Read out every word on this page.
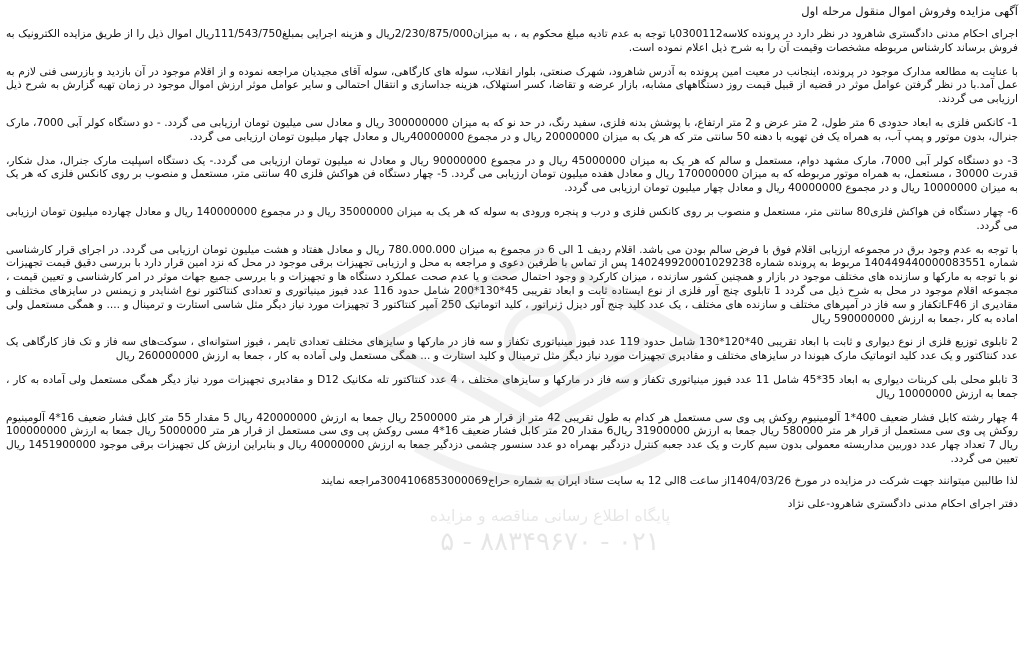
آگهی مزایده وفروش اموال منقول مرحله اول

اجرای احکام مدنی دادگستری شاهرود در نظر دارد در پرونده کلاسه0300112با توجه به عدم تادیه مبلغ محکوم به ، به میزان2/230/875/000ریال و هزینه اجرایی بمبلغ111/543/750ریال اموال ذیل را از طریق مزایده الکترونیک به فروش برساند کارشناس مربوطه مشخصات وقیمت آن را به شرح ذیل اعلام نموده است.

با عنایت به مطالعه مدارک موجود در پرونده، اینجانب در معیت امین پرونده به آدرس شاهرود، شهرک صنعتی، بلوار انقلاب، سوله های کارگاهی، سوله آقای مجیدیان مراجعه نموده و از اقلام موجود در آن بازدید و بازرسی فنی لازم به عمل آمد.با در نظر گرفتن عوامل موثر در قضیه از قبیل قیمت روز دستگاههای مشابه، بازار عرضه و تقاضا، کسر استهلاک، هزینه جداسازی و انتقال احتمالی و سایر عوامل موثر ارزش اموال موجود در زمان تهیه گزارش به شرح ذیل ارزیابی می گردند.

1- کانکس فلزی به ابعاد حدودی 6 متر طول، 2 متر عرض و 2 متر ارتفاع، با پوشش بدنه فلزی، سفید رنگ، در حد نو که به میزان 300000000 ریال و معادل سی میلیون تومان ارزیابی می گردد. - دو دستگاه کولر آبی 7000، مارک جنرال، بدون موتور و پمپ آب، به همراه یک فن تهویه با دهنه 50 سانتی متر که هر یک به میزان 20000000 ریال و در مجموع 40000000ریال و معادل چهار میلیون تومان ارزیابی می گردد.

3- دو دستگاه کولر آبی 7000، مارک مشهد دوام، مستعمل و سالم که هر یک به میزان 45000000 ریال و در مجموع 90000000 ریال و معادل نه میلیون تومان ارزیابی می گردد.- یک دستگاه اسپلیت مارک جنرال، مدل شکار، قدرت 30000 ، مستعمل، به همراه موتور مربوطه که به میزان 170000000 ریال و معادل هفده میلیون تومان ارزیابی می گردد. 5- چهار دستگاه فن هواکش فلزی 40 سانتی متر، مستعمل و منصوب بر روی کانکس فلزی که هر یک به میزان 10000000 ریال و در مجموع 40000000 ریال و معادل چهار میلیون تومان ارزیابی می گردد.

6- چهار دستگاه فن هواکش فلزی80 سانتی متر، مستعمل و منصوب بر روی کانکس فلزی و درب و پنجره ورودی به سوله که هر یک به میزان 35000000 ریال و در مجموع 140000000 ریال و معادل چهارده میلیون تومان ارزیابی می گردد.

با توجه به عدم وجود برق در مجموعه ارزیابی اقلام فوق با فرض سالم بودن می باشد. اقلام ردیف 1 الی 6 در مجموع به میزان 780.000.000 ریال و معادل هفتاد و هشت میلیون تومان ارزیابی می گردد. در اجرای قرار کارشناسی شماره 140449440000083551 مربوط به پرونده شماره 140249920001029238 پس از تماس با طرفین دعوی و مراجعه به محل و ارزیابی تجهیزات برقی موجود در محل که نزد امین قرار دارد با بررسی دقیق قیمت تجهیزات نو با توجه به مارکها و سازنده های مختلف موجود در بازار و همچنین کشور سازنده ، میزان کارکرد و وجود احتمال صحت و یا عدم صحت عملکرد دستگاه ها و تجهیزات و با بررسی جمیع جهات موثر در امر کارشناسی و تعیین قیمت ، مجموعه اقلام موجود در محل به شرح ذیل می گردد 1 تابلوی چنج آور فلزی از نوع ایستاده ثابت و ابعاد تقریبی 45*130*200 شامل حدود 116 عدد فیوز مینیاتوری و تعدادی کنتاکتور نوع اشنایدر و زیمنس در سایزهای مختلف و مقادیری از LF46تکفاز و سه فاز در آمپرهای مختلف و سازنده های مختلف ، یک عدد کلید چنج آور دیزل ژنراتور ، کلید اتوماتیک 250 آمپر کنتاکتور 3 تجهیزات مورد نیاز دیگر مثل شاسی استارت و ترمینال و .... و همگی مستعمل ولی اماده به کار ،جمعا به ارزش 590000000 ریال

2 تابلوی توزیع فلزی از نوع دیواری و ثابت با ابعاد تقریبی 40*120*130 شامل حدود 119 عدد فیوز مینیاتوری تکفاز و سه فاز در مارکها و سایزهای مختلف تعدادی تایمر ، فیوز استوانه‌ای ، سوکت‌های سه فاز و تک فاز کارگاهی یک عدد کنتاکتور و یک عدد کلید اتوماتیک مارک هیوندا در سایزهای مختلف و مقادیری تجهیزات مورد نیاز دیگر مثل ترمینال و کلید استارت و ... همگی مستعمل ولی آماده به کار ، جمعا به ارزش 260000000 ریال

3 تابلو محلی بلی کربنات دیواری به ابعاد 35*45 شامل 11 عدد فیوز مینیاتوری تکفاز و سه فاز در مارکها و سایزهای مختلف ، 4 عدد کنتاکتور تله مکانیک D12 و مقادیری تجهیزات مورد نیاز دیگر همگی مستعمل ولی آماده به کار ، جمعا به ارزش 10000000 ریال

4 چهار رشته کابل فشار ضعیف 400*1 آلومینیوم روکش پی وی سی مستعمل هر کدام به طول تقریبی 42 متر از قرار هر متر 2500000 ریال جمعا به ارزش 420000000 ریال 5 مقدار 55 متر کابل فشار ضعیف 16*4 آلومینیوم روکش پی وی سی مستعمل از قرار هر متر 580000 ریال جمعا به ارزش 31900000 ریال6 مقدار 20 متر کابل فشار ضعیف 16*4 مسی روکش پی وی سی مستعمل از قرار هر متر 5000000 ریال جمعا به ارزش 100000000 ریال 7 تعداد چهار عدد دوربین مداربسته معمولی بدون سیم کارت و یک عدد جعبه کنترل دزدگیر بهمراه دو عدد سنسور چشمی دزدگیر جمعا به ارزش 40000000 ریال و بنابراین ارزش کل تجهیزات برقی موجود 1451900000 ریال تعیین می گردد.

لذا طالبین میتوانند جهت شرکت در مزایده در مورخ 1404/03/26از ساعت 8الی 12 به سایت ستاد ایران به شماره حراج3004106853000069مراجعه نمایند

دفتر اجرای احکام مدنی دادگستری شاهرود-علی نژاد

پایگاه اطلاع رسانی مناقصه و مزایده
۰۲۱ - ۸۸۳۴۹۶۷۰ - ۵
